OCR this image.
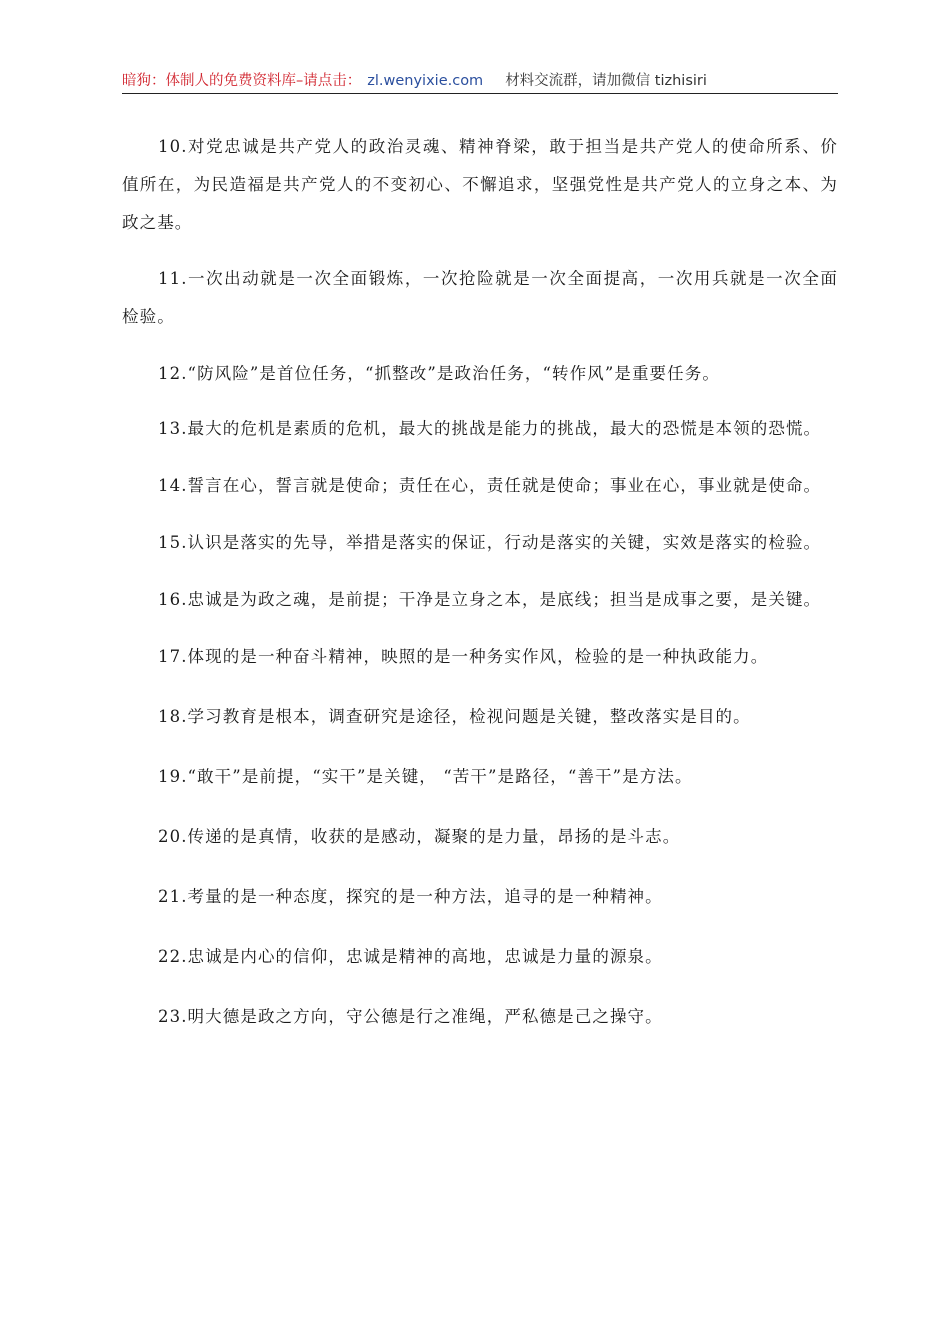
暗狗：体制人的免费资料库–请点击： zl.wenyixie.com 材料交流群，请加微信 tizhisiri

10.对党忠诚是共产党人的政治灵魂、精神脊梁，敢于担当是共产党人的使命所系、价值所在，为民造福是共产党人的不变初心、不懈追求，坚强党性是共产党人的立身之本、为政之基。

11.一次出动就是一次全面锻炼，一次抢险就是一次全面提高，一次用兵就是一次全面检验。

12.“防风险”是首位任务，“抓整改”是政治任务，“转作风”是重要任务。

13.最大的危机是素质的危机，最大的挑战是能力的挑战，最大的恐慌是本领的恐慌。

14.誓言在心，誓言就是使命；责任在心，责任就是使命；事业在心，事业就是使命。

15.认识是落实的先导，举措是落实的保证，行动是落实的关键，实效是落实的检验。

16.忠诚是为政之魂，是前提；干净是立身之本，是底线；担当是成事之要，是关键。

17.体现的是一种奋斗精神，映照的是一种务实作风，检验的是一种执政能力。

18.学习教育是根本，调查研究是途径，检视问题是关键，整改落实是目的。

19.“敢干”是前提，“实干”是关键， “苦干”是路径，“善干”是方法。

20.传递的是真情，收获的是感动，凝聚的是力量，昂扬的是斗志。

21.考量的是一种态度，探究的是一种方法，追寻的是一种精神。

22.忠诚是内心的信仰，忠诚是精神的高地，忠诚是力量的源泉。

23.明大德是政之方向，守公德是行之准绳，严私德是己之操守。
